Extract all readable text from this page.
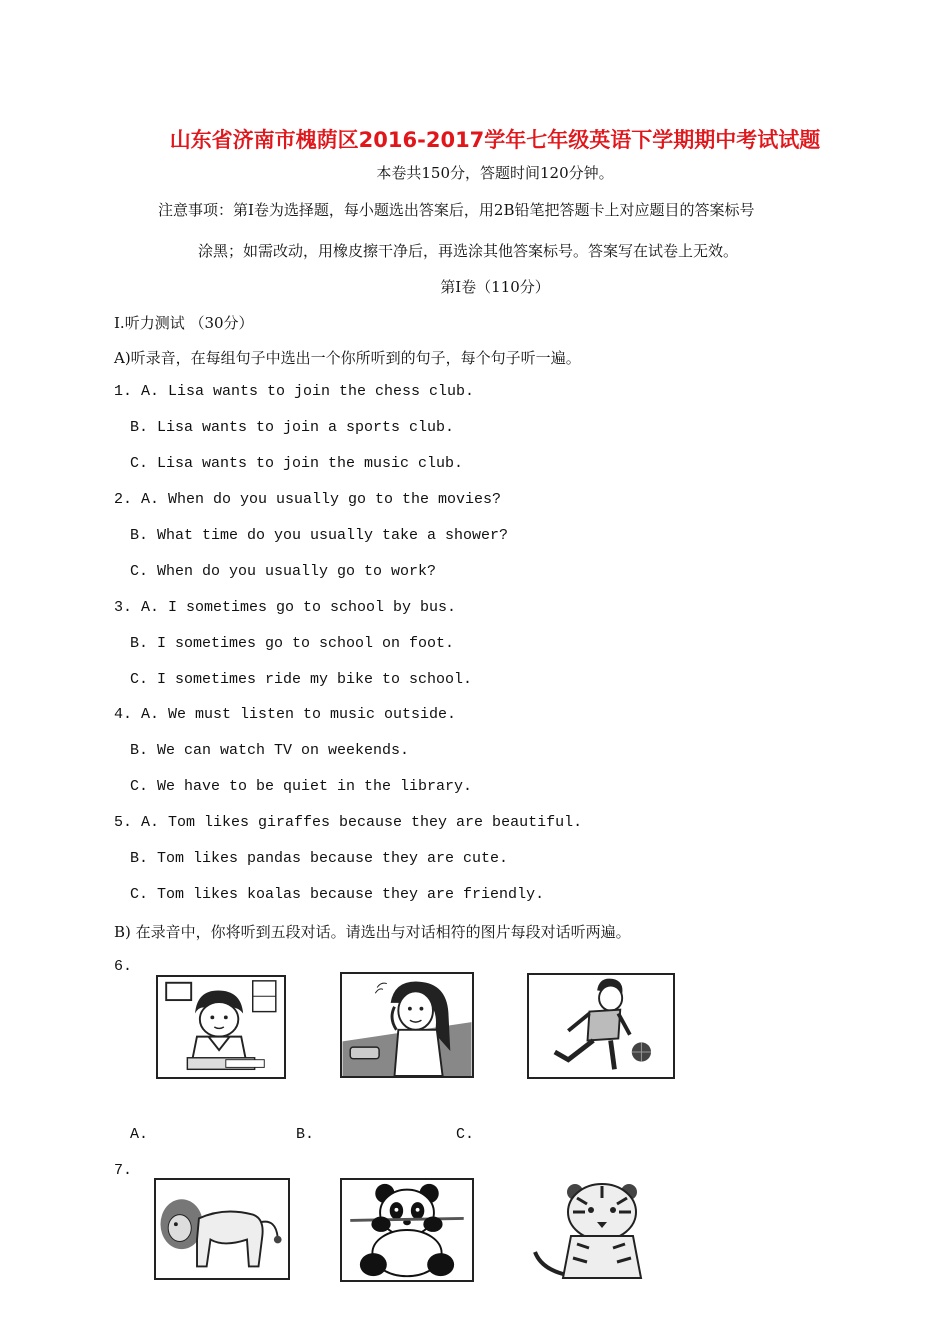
山东省济南市槐荫区2016-2017学年七年级英语下学期期中考试试题
本卷共150分，答题时间120分钟。
注意事项：第Ⅰ卷为选择题，每小题选出答案后，用2B铅笔把答题卡上对应题目的答案标号
涂黑；如需改动，用橡皮擦干净后，再选涂其他答案标号。答案写在试卷上无效。
第Ⅰ卷（110分）
I.听力测试 （30分）
A)听录音，在每组句子中选出一个你所听到的句子，每个句子听一遍。
1. A. Lisa wants to join the chess club.
B. Lisa wants to join a sports club.
C. Lisa wants to join the music club.
2. A. When do you usually go to the movies?
B. What time do you usually take a shower?
C. When do you usually go to work?
3. A. I sometimes go to school by bus.
B. I sometimes go to school on foot.
C. I sometimes ride my bike to school.
4. A. We must listen to music outside.
B. We can watch TV on weekends.
C. We have to be quiet in the library.
5. A. Tom likes giraffes because they are beautiful.
B. Tom likes pandas because they are cute.
C. Tom likes koalas because they are friendly.
B) 在录音中，你将听到五段对话。请选出与对话相符的图片每段对话听两遍。
6.
A.	B.	C.
7.
